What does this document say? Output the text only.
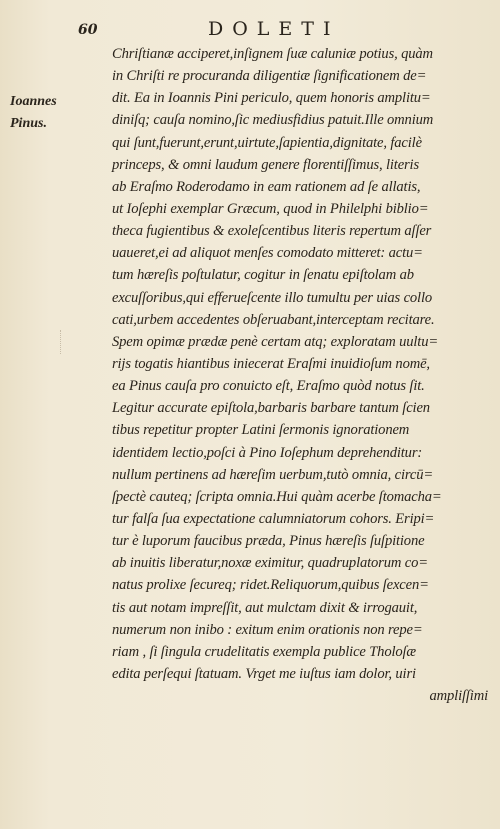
60	DOLETI
Ioannes
Pinus.
Chriſtianæ acciperet,inſignem ſuæ caluniæ potius, quàm
in Chriſti re procuranda diligentiæ ſignificationem de=
dit. Ea in Ioannis Pini periculo, quem honoris amplitu=
diniſq; cauſa nomino,ſic mediusfidius patuit.Ille omnium
qui ſunt,fuerunt,erunt,uirtute,ſapientia,dignitate, facilè
princeps, & omni laudum genere florentiſſimus, literis
ab Eraſmo Roderodamo in eam rationem ad ſe allatis,
ut Ioſephi exemplar Græcum, quod in Philelphi biblio=
theca fugientibus & exoleſcentibus literis repertum aſſer
uaueret,ei ad aliquot menſes comodato mitteret: actu=
tum hæreſis poſtulatur, cogitur in ſenatu epiſtolam ab
excuſſoribus,qui efferueſcente illo tumultu per uias collo
cati,urbem accedentes obſeruabant,interceptam recitare.
Spem opimæ prædæ penè certam atq; exploratam uultu=
rijs togatis hiantibus iniecerat Eraſmi inuidioſum nomē,
ea Pinus cauſa pro conuicto eſt, Eraſmo quòd notus ſit.
Legitur accurate epiſtola,barbaris barbare tantum ſcien
tibus repetitur propter Latini ſermonis ignorationem
identidem lectio,poſci à Pino Ioſephum deprehenditur:
nullum pertinens ad hæreſim uerbum,tutò omnia, circū=
ſpectè cauteq; ſcripta omnia.Hui quàm acerbe ſtomacha=
tur falſa ſua expectatione calumniatorum cohors. Eripi=
tur è luporum faucibus præda, Pinus hæreſis ſuſpitione
ab inuitis liberatur,noxæ eximitur, quadruplatorum co=
natus prolixe ſecureq; ridet.Reliquorum,quibus ſexcen=
tis aut notam impreſſit, aut mulctam dixit & irrogauit,
numerum non inibo : exitum enim orationis non repe=
riam , ſi ſingula crudelitatis exempla publice Tholoſæ
edita perſequi ſtatuam. Vrget me iuſtus iam dolor, uiri
ampliſſimi
